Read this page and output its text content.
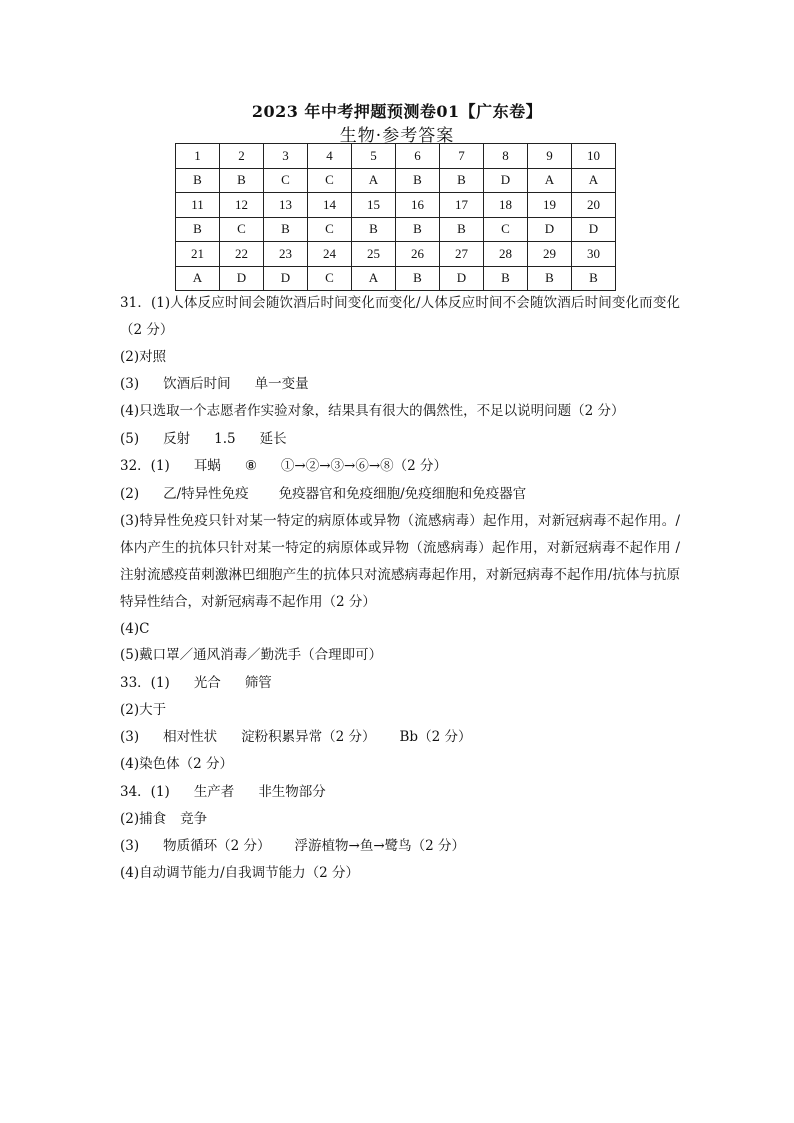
2023 年中考押题预测卷01【广东卷】
生物·参考答案
1	2	3	4	5	6	7	8	9	10
B	B	C	C	A	B	B	D	A	A
11	12	13	14	15	16	17	18	19	20
B	C	B	C	B	B	B	C	D	D
21	22	23	24	25	26	27	28	29	30
A	D	D	C	A	B	D	B	B	B
31．(1)人体反应时间会随饮酒后时间变化而变化/人体反应时间不会随饮酒后时间变化而变化（2 分）
(2)对照
(3) 饮酒后时间 单一变量
(4)只选取一个志愿者作实验对象，结果具有很大的偶然性，不足以说明问题（2 分）
(5) 反射 1.5 延长
32．(1) 耳蜗 ⑧ ①→②→③→⑥→⑧（2 分）
(2) 乙/特异性免疫 免疫器官和免疫细胞/免疫细胞和免疫器官
(3)特异性免疫只针对某一特定的病原体或异物（流感病毒）起作用，对新冠病毒不起作用。/ 体内产生的抗体只针对某一特定的病原体或异物（流感病毒）起作用，对新冠病毒不起作用 / 注射流感疫苗刺激淋巴细胞产生的抗体只对流感病毒起作用，对新冠病毒不起作用/抗体与抗原特异性结合，对新冠病毒不起作用（2 分）
(4)C
(5)戴口罩／通风消毒／勤洗手（合理即可）
33．(1) 光合 筛管
(2)大于
(3) 相对性状 淀粉积累异常（2 分） Bb（2 分）
(4)染色体（2 分）
34．(1) 生产者 非生物部分
(2)捕食 竞争
(3) 物质循环（2 分） 浮游植物→鱼→鹭鸟（2 分）
(4)自动调节能力/自我调节能力（2 分）
